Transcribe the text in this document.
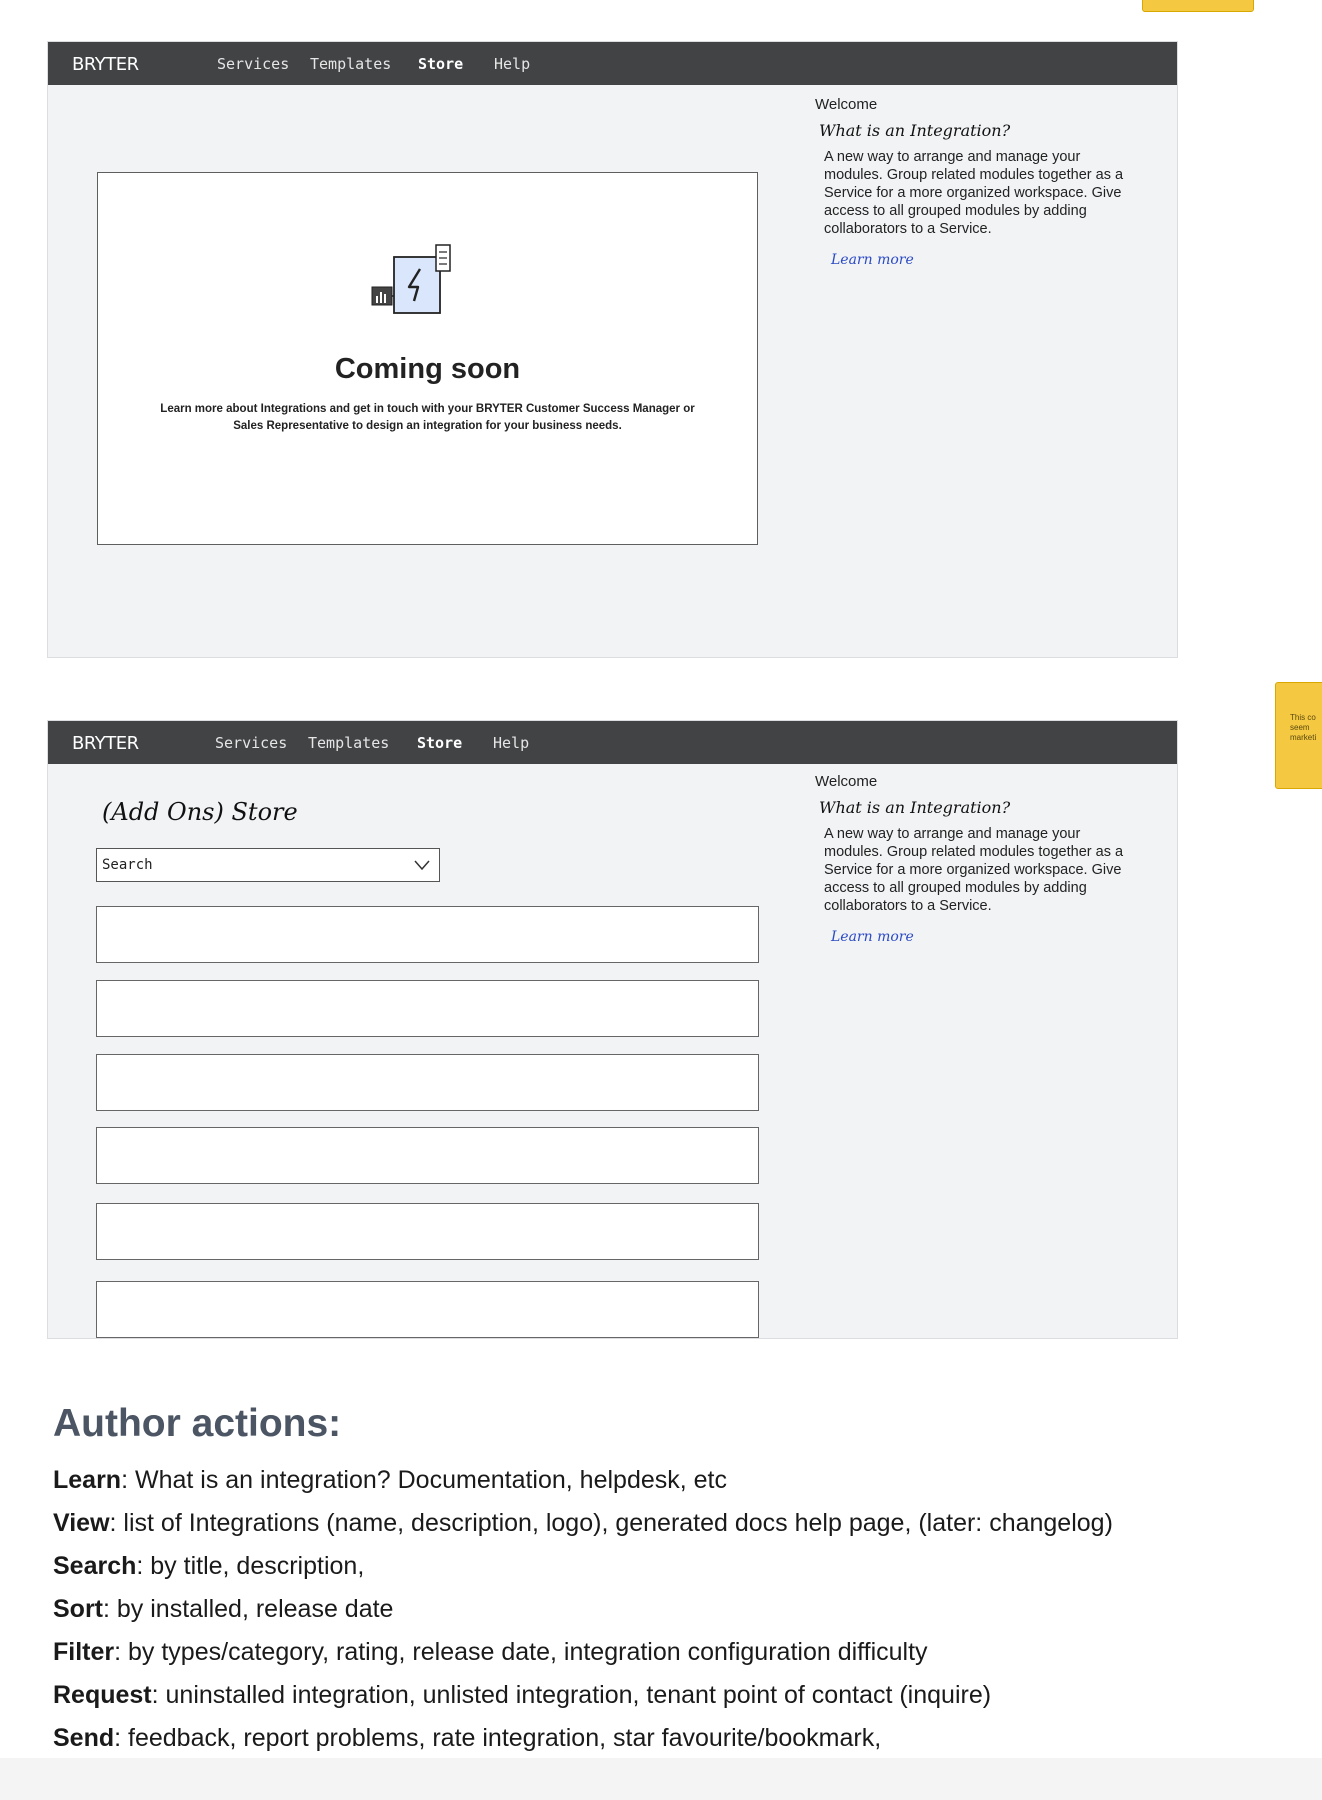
This co
seem
marketi
BRYTER	Services Templates Store Help
Coming soon
Learn more about Integrations and get in touch with your BRYTER Customer Success Manager or Sales Representative to design an integration for your business needs.
Welcome
What is an Integration?
A new way to arrange and manage your modules. Group related modules together as a Service for a more organized workspace. Give access to all grouped modules by adding collaborators to a Service.
Learn more
BRYTER	Services Templates Store Help
(Add Ons) Store
Search
Welcome
What is an Integration?
A new way to arrange and manage your modules. Group related modules together as a Service for a more organized workspace. Give access to all grouped modules by adding collaborators to a Service.
Learn more
Author actions:
Learn: What is an integration? Documentation, helpdesk, etc
View: list of Integrations (name, description, logo), generated docs help page, (later: changelog)
Search: by title, description,
Sort: by installed, release date
Filter: by types/category, rating, release date, integration configuration difficulty
Request: uninstalled integration, unlisted integration, tenant point of contact (inquire)
Send: feedback, report problems, rate integration, star favourite/bookmark,
